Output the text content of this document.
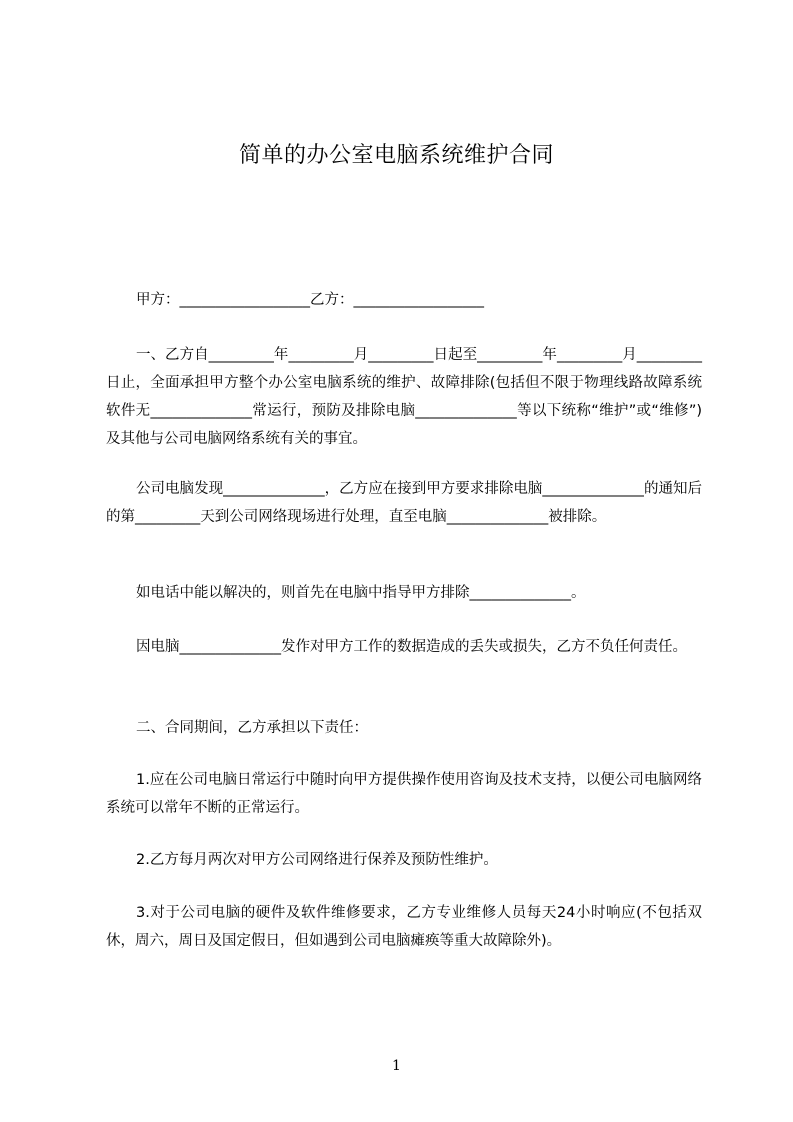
简单的办公室电脑系统维护合同

甲方：__________________乙方：__________________

一、乙方自_________年_________月_________日起至_________年_________月_________日止，全面承担甲方整个办公室电脑系统的维护、故障排除(包括但不限于物理线路故障系统软件无______________常运行，预防及排除电脑______________等以下统称“维护”或“维修”)及其他与公司电脑网络系统有关的事宜。

公司电脑发现______________，乙方应在接到甲方要求排除电脑______________的通知后的第_________天到公司网络现场进行处理，直至电脑______________被排除。

如电话中能以解决的，则首先在电脑中指导甲方排除______________。

因电脑______________发作对甲方工作的数据造成的丢失或损失，乙方不负任何责任。

二、合同期间，乙方承担以下责任：

1.应在公司电脑日常运行中随时向甲方提供操作使用咨询及技术支持，以便公司电脑网络系统可以常年不断的正常运行。

2.乙方每月两次对甲方公司网络进行保养及预防性维护。

3.对于公司电脑的硬件及软件维修要求，乙方专业维修人员每天24小时响应(不包括双休，周六，周日及国定假日，但如遇到公司电脑瘫痪等重大故障除外)。

1
